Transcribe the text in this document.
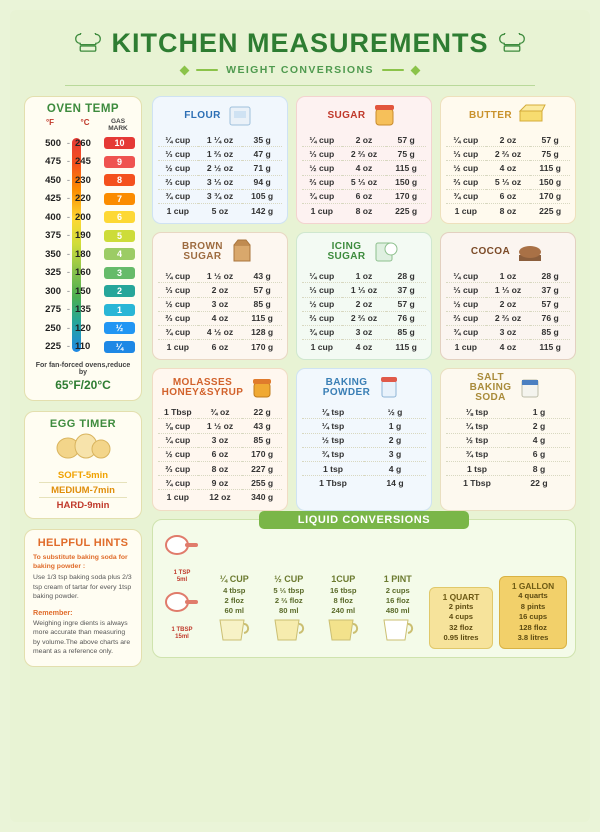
KITCHEN MEASUREMENTS
WEIGHT CONVERSIONS
OVEN TEMP
°F	°C	GAS
MARK
500 - 260	10
475 - 245	9
450 - 230	8
425 - 220	7
400 - 200	6
375 - 190	5
350 - 180	4
325 - 160	3
300 - 150	2
275 - 135	1
250 - 120	½
225 - 110	¼
For fan-forced ovens,reduce by
65°F/20°C
EGG TIMER
SOFT-5min
MEDIUM-7min
HARD-9min
HELPFUL HINTS
To substitute baking soda for baking powder :
Use 1/3 tsp baking soda plus 2/3 tsp cream of tartar for every 1tsp baking powder.
Remember:
Weighing ingre dients is always more accurate than measuring by volume.The above charts are meant as a reference only.
FLOUR
¼ cup	1 ¼ oz	35 g
⅓ cup	1 ⅔ oz	47 g
½ cup	2 ½ oz	71 g
⅔ cup	3 ⅓ oz	94 g
¾ cup	3 ¾ oz	105 g
1 cup	5 oz	142 g
SUGAR
¼ cup	2 oz	57 g
⅓ cup	2 ⅔ oz	75 g
½ cup	4 oz	115 g
⅔ cup	5 ⅓ oz	150 g
¾ cup	6 oz	170 g
1 cup	8 oz	225 g
BUTTER
¼ cup	2 oz	57 g
⅓ cup	2 ⅔ oz	75 g
½ cup	4 oz	115 g
⅔ cup	5 ⅓ oz	150 g
¾ cup	6 oz	170 g
1 cup	8 oz	225 g
BROWN
SUGAR
¼ cup	1 ½ oz	43 g
⅓ cup	2 oz	57 g
½ cup	3 oz	85 g
⅔ cup	4 oz	115 g
¾ cup	4 ½ oz	128 g
1 cup	6 oz	170 g
ICING
SUGAR
¼ cup	1 oz	28 g
⅓ cup	1 ⅓ oz	37 g
½ cup	2 oz	57 g
⅔ cup	2 ⅔ oz	76 g
¾ cup	3 oz	85 g
1 cup	4 oz	115 g
COCOA
¼ cup	1 oz	28 g
⅓ cup	1 ⅓ oz	37 g
½ cup	2 oz	57 g
⅔ cup	2 ⅔ oz	76 g
¾ cup	3 oz	85 g
1 cup	4 oz	115 g
MOLASSES
HONEY&SYRUP
1 Tbsp	¾ oz	22 g
⅛ cup	1 ½ oz	43 g
¼ cup	3 oz	85 g
½ cup	6 oz	170 g
⅔ cup	8 oz	227 g
¾ cup	9 oz	255 g
1 cup	12 oz	340 g
BAKING
POWDER
⅛ tsp	½ g
¼ tsp	1 g
½ tsp	2 g
¾ tsp	3 g
1 tsp	4 g
1 Tbsp	14 g
SALT
BAKING
SODA
⅛ tsp	1 g
¼ tsp	2 g
½ tsp	4 g
¾ tsp	6 g
1 tsp	8 g
1 Tbsp	22 g
LIQUID CONVERSIONS
1 TSP
5ml
1 TBSP
15ml
¼ CUP
4 tbsp
2 floz
60 ml
½ CUP
5 ⅓ tbsp
2 ⅔ floz
80 ml
1CUP
16 tbsp
8 floz
240 ml
1 PINT
2 cups
16 floz
480 ml
1 QUART
2 pints
4 cups
32 floz
0.95 litres
1 GALLON
4 quarts
8 pints
16 cups
128 floz
3.8 litres
